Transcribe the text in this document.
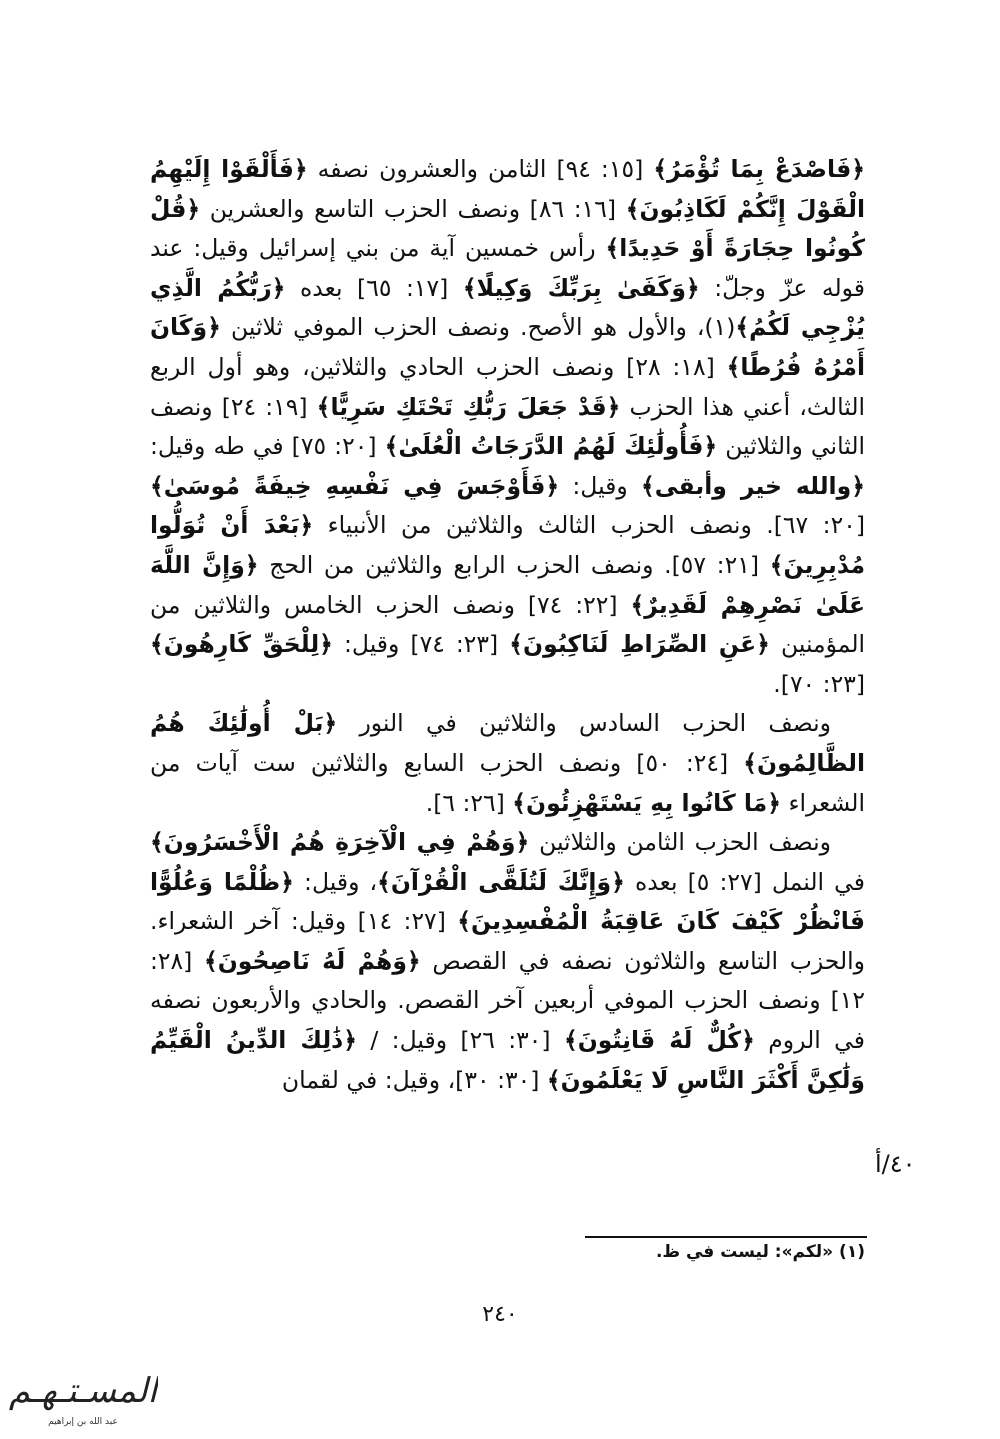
﴿فَاصْدَعْ بِمَا تُؤْمَرُ﴾ [١٥: ٩٤] الثامن والعشرون نصفه ﴿فَأَلْقَوْا إِلَيْهِمُ الْقَوْلَ إِنَّكُمْ لَكَاذِبُونَ﴾ [١٦: ٨٦] ونصف الحزب التاسع والعشرين ﴿قُلْ كُونُوا حِجَارَةً أَوْ حَدِيدًا﴾ رأس خمسين آية من بني إسرائيل وقيل: عند قوله عزّ وجلّ: ﴿وَكَفَىٰ بِرَبِّكَ وَكِيلًا﴾ [١٧: ٦٥] بعده ﴿رَبُّكُمُ الَّذِي يُزْجِي لَكُمُ﴾(١)، والأول هو الأصح. ونصف الحزب الموفي ثلاثين ﴿وَكَانَ أَمْرُهُ فُرُطًا﴾ [١٨: ٢٨] ونصف الحزب الحادي والثلاثين، وهو أول الربع الثالث، أعني هذا الحزب ﴿قَدْ جَعَلَ رَبُّكِ تَحْتَكِ سَرِيًّا﴾ [١٩: ٢٤] ونصف الثاني والثلاثين ﴿فَأُولَٰئِكَ لَهُمُ الدَّرَجَاتُ الْعُلَىٰ﴾ [٢٠: ٧٥] في طه وقيل: ﴿والله خير وأبقى﴾ وقيل: ﴿فَأَوْجَسَ فِي نَفْسِهِ خِيفَةً مُوسَىٰ﴾ [٢٠: ٦٧]. ونصف الحزب الثالث والثلاثين من الأنبياء ﴿بَعْدَ أَنْ تُوَلُّوا مُدْبِرِينَ﴾ [٢١: ٥٧]. ونصف الحزب الرابع والثلاثين من الحج ﴿وَإِنَّ اللَّهَ عَلَىٰ نَصْرِهِمْ لَقَدِيرٌ﴾ [٢٢: ٧٤] ونصف الحزب الخامس والثلاثين من المؤمنين ﴿عَنِ الصِّرَاطِ لَنَاكِبُونَ﴾ [٢٣: ٧٤] وقيل: ﴿لِلْحَقِّ كَارِهُونَ﴾ [٢٣: ٧٠].

ونصف الحزب السادس والثلاثين في النور ﴿بَلْ أُولَٰئِكَ هُمُ الظَّالِمُونَ﴾ [٢٤: ٥٠] ونصف الحزب السابع والثلاثين ست آيات من الشعراء ﴿مَا كَانُوا بِهِ يَسْتَهْزِئُونَ﴾ [٢٦: ٦].

ونصف الحزب الثامن والثلاثين ﴿وَهُمْ فِي الْآخِرَةِ هُمُ الْأَخْسَرُونَ﴾ في النمل [٢٧: ٥] بعده ﴿وَإِنَّكَ لَتُلَقَّى الْقُرْآنَ﴾، وقيل: ﴿ظُلْمًا وَعُلُوًّا فَانْظُرْ كَيْفَ كَانَ عَاقِبَةُ الْمُفْسِدِينَ﴾ [٢٧: ١٤] وقيل: آخر الشعراء. والحزب التاسع والثلاثون نصفه في القصص ﴿وَهُمْ لَهُ نَاصِحُونَ﴾ [٢٨: ١٢] ونصف الحزب الموفي أربعين آخر القصص. والحادي والأربعون نصفه في الروم ﴿كُلٌّ لَهُ قَانِتُونَ﴾ [٣٠: ٢٦] وقيل: / ﴿ذَٰلِكَ الدِّينُ الْقَيِّمُ وَلَٰكِنَّ أَكْثَرَ النَّاسِ لَا يَعْلَمُونَ﴾ [٣٠: ٣٠]، وقيل: في لقمان

٤٠/أ
(١) «لكم»: ليست في ظ.
٢٤٠
المسـتـهـم
عبد الله بن إبراهيم
